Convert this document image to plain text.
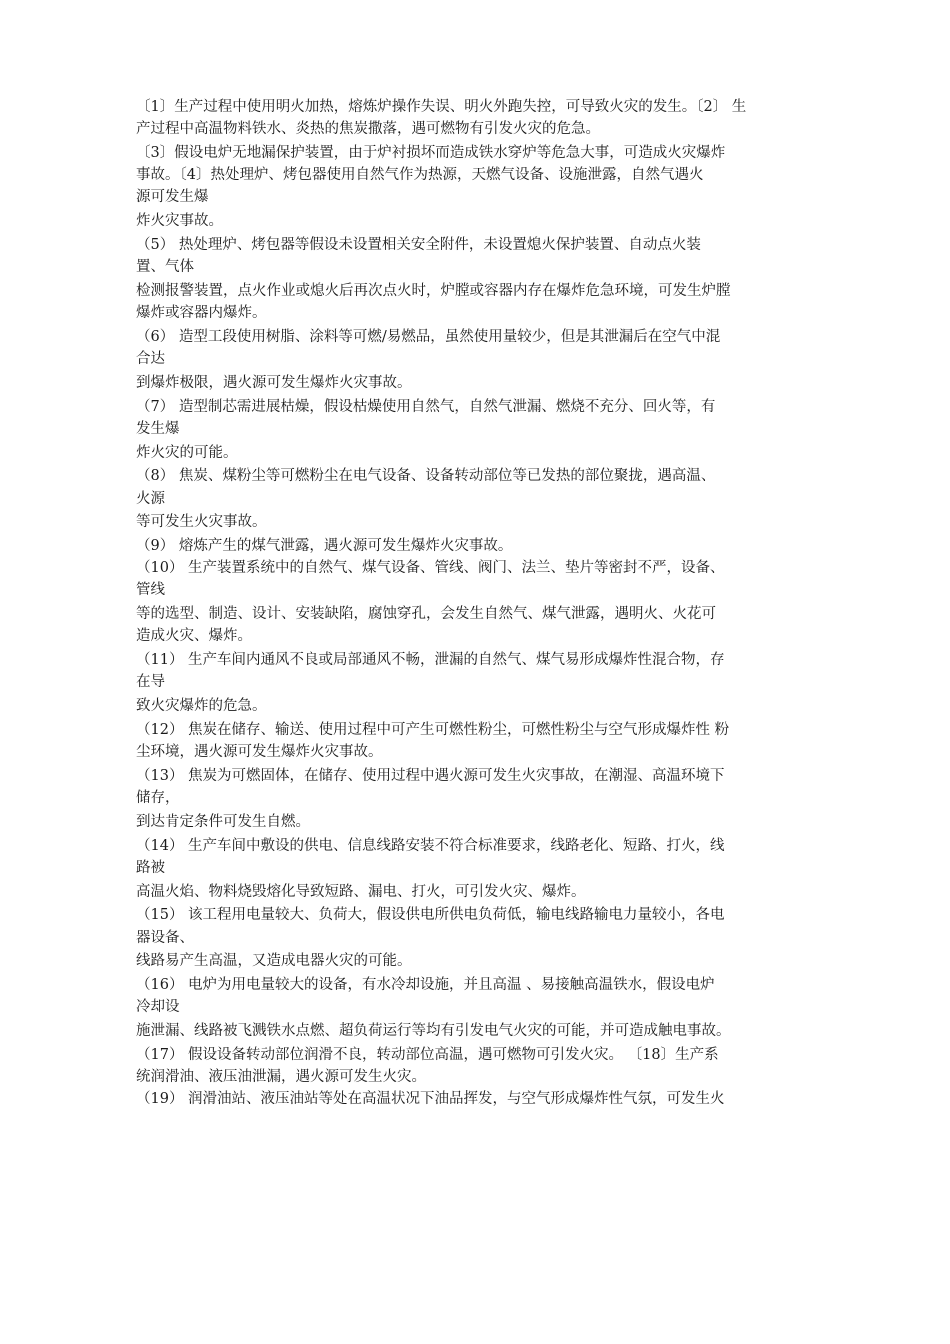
〔1〕生产过程中使用明火加热，熔炼炉操作失误、明火外跑失控，可导致火灾的发生。〔2〕 生
产过程中高温物料铁水、炎热的焦炭撒落，遇可燃物有引发火灾的危急。
〔3〕假设电炉无地漏保护装置，由于炉衬损坏而造成铁水穿炉等危急大事，可造成火灾爆炸
事故。〔4〕热处理炉、烤包器使用自然气作为热源，天燃气设备、设施泄露，自然气遇火
源可发生爆
炸火灾事故。
（5） 热处理炉、烤包器等假设未设置相关安全附件，未设置熄火保护装置、自动点火装
置、气体
检测报警装置，点火作业或熄火后再次点火时，炉膛或容器内存在爆炸危急环境，可发生炉膛
爆炸或容器内爆炸。
（6） 造型工段使用树脂、涂料等可燃/易燃品，虽然使用量较少，但是其泄漏后在空气中混
合达
到爆炸极限，遇火源可发生爆炸火灾事故。
（7） 造型制芯需进展枯燥，假设枯燥使用自然气，自然气泄漏、燃烧不充分、回火等，有
发生爆
炸火灾的可能。
（8） 焦炭、煤粉尘等可燃粉尘在电气设备、设备转动部位等已发热的部位聚拢，遇高温、
火源
等可发生火灾事故。
（9） 熔炼产生的煤气泄露，遇火源可发生爆炸火灾事故。
（10） 生产装置系统中的自然气、煤气设备、管线、阀门、法兰、垫片等密封不严，设备、
管线
等的选型、制造、设计、安装缺陷，腐蚀穿孔，会发生自然气、煤气泄露，遇明火、火花可
造成火灾、爆炸。
（11） 生产车间内通风不良或局部通风不畅，泄漏的自然气、煤气易形成爆炸性混合物，存
在导
致火灾爆炸的危急。
（12） 焦炭在储存、输送、使用过程中可产生可燃性粉尘，可燃性粉尘与空气形成爆炸性 粉
尘环境，遇火源可发生爆炸火灾事故。
（13） 焦炭为可燃固体，在储存、使用过程中遇火源可发生火灾事故，在潮湿、高温环境下
储存，
到达肯定条件可发生自燃。
（14） 生产车间中敷设的供电、信息线路安装不符合标准要求，线路老化、短路、打火，线
路被
高温火焰、物料烧毁熔化导致短路、漏电、打火，可引发火灾、爆炸。
（15） 该工程用电量较大、负荷大，假设供电所供电负荷低，输电线路输电力量较小，各电
器设备、
线路易产生高温，又造成电器火灾的可能。
（16） 电炉为用电量较大的设备，有水冷却设施，并且高温 、易接触高温铁水，假设电炉
冷却设
施泄漏、线路被飞溅铁水点燃、超负荷运行等均有引发电气火灾的可能，并可造成触电事故。
（17） 假设设备转动部位润滑不良，转动部位高温，遇可燃物可引发火灾。 〔18〕生产系
统润滑油、液压油泄漏，遇火源可发生火灾。
（19） 润滑油站、液压油站等处在高温状况下油品挥发，与空气形成爆炸性气氛，可发生火
